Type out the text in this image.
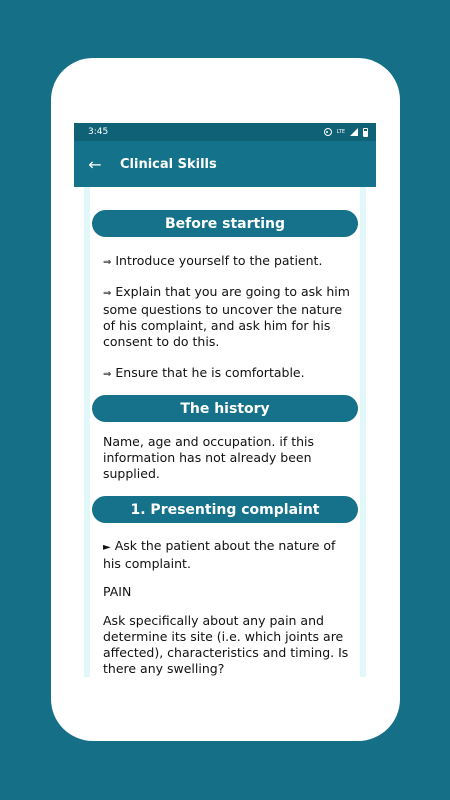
3:45	LTE
←	Clinical Skills
Before starting
⇒ Introduce yourself to the patient.
⇒ Explain that you are going to ask him some questions to uncover the nature of his complaint, and ask him for his consent to do this.
⇒ Ensure that he is comfortable.
The history
Name, age and occupation. if this information has not already been supplied.
1. Presenting complaint
► Ask the patient about the nature of his complaint.
PAIN
Ask specifically about any pain and determine its site (i.e. which joints are affected), characteristics and timing. Is there any swelling?
